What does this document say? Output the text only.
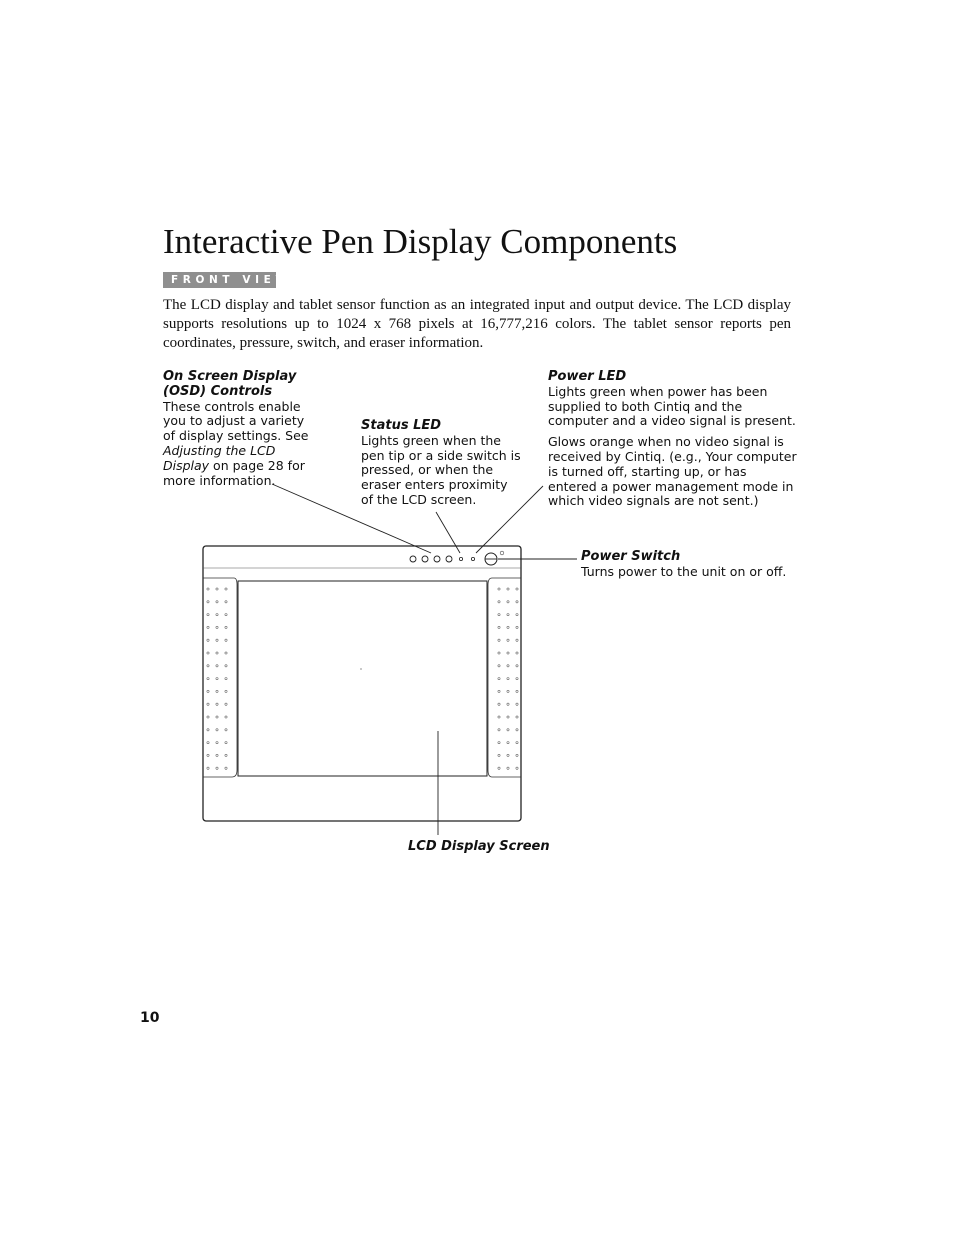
Interactive Pen Display Components
FRONT VIEW

The LCD display and tablet sensor function as an integrated input and output device. The LCD display supports resolutions up to 1024 x 768 pixels at 16,777,216 colors. The tablet sensor reports pen coordinates, pressure, switch, and eraser information.

On Screen Display
(OSD) Controls

These controls enable you to adjust a variety of display settings. See Adjusting the LCD Display on page 28 for more information.

Status LED

Lights green when the pen tip or a side switch is pressed, or when the eraser enters proximity of the LCD screen.

Power LED

Lights green when power has been supplied to both Cintiq and the computer and a video signal is present.

Glows orange when no video signal is received by Cintiq. (e.g., Your computer is turned off, starting up, or has entered a power management mode in which video signals are not sent.)

Power Switch

Turns power to the unit on or off.

LCD Display Screen
10
